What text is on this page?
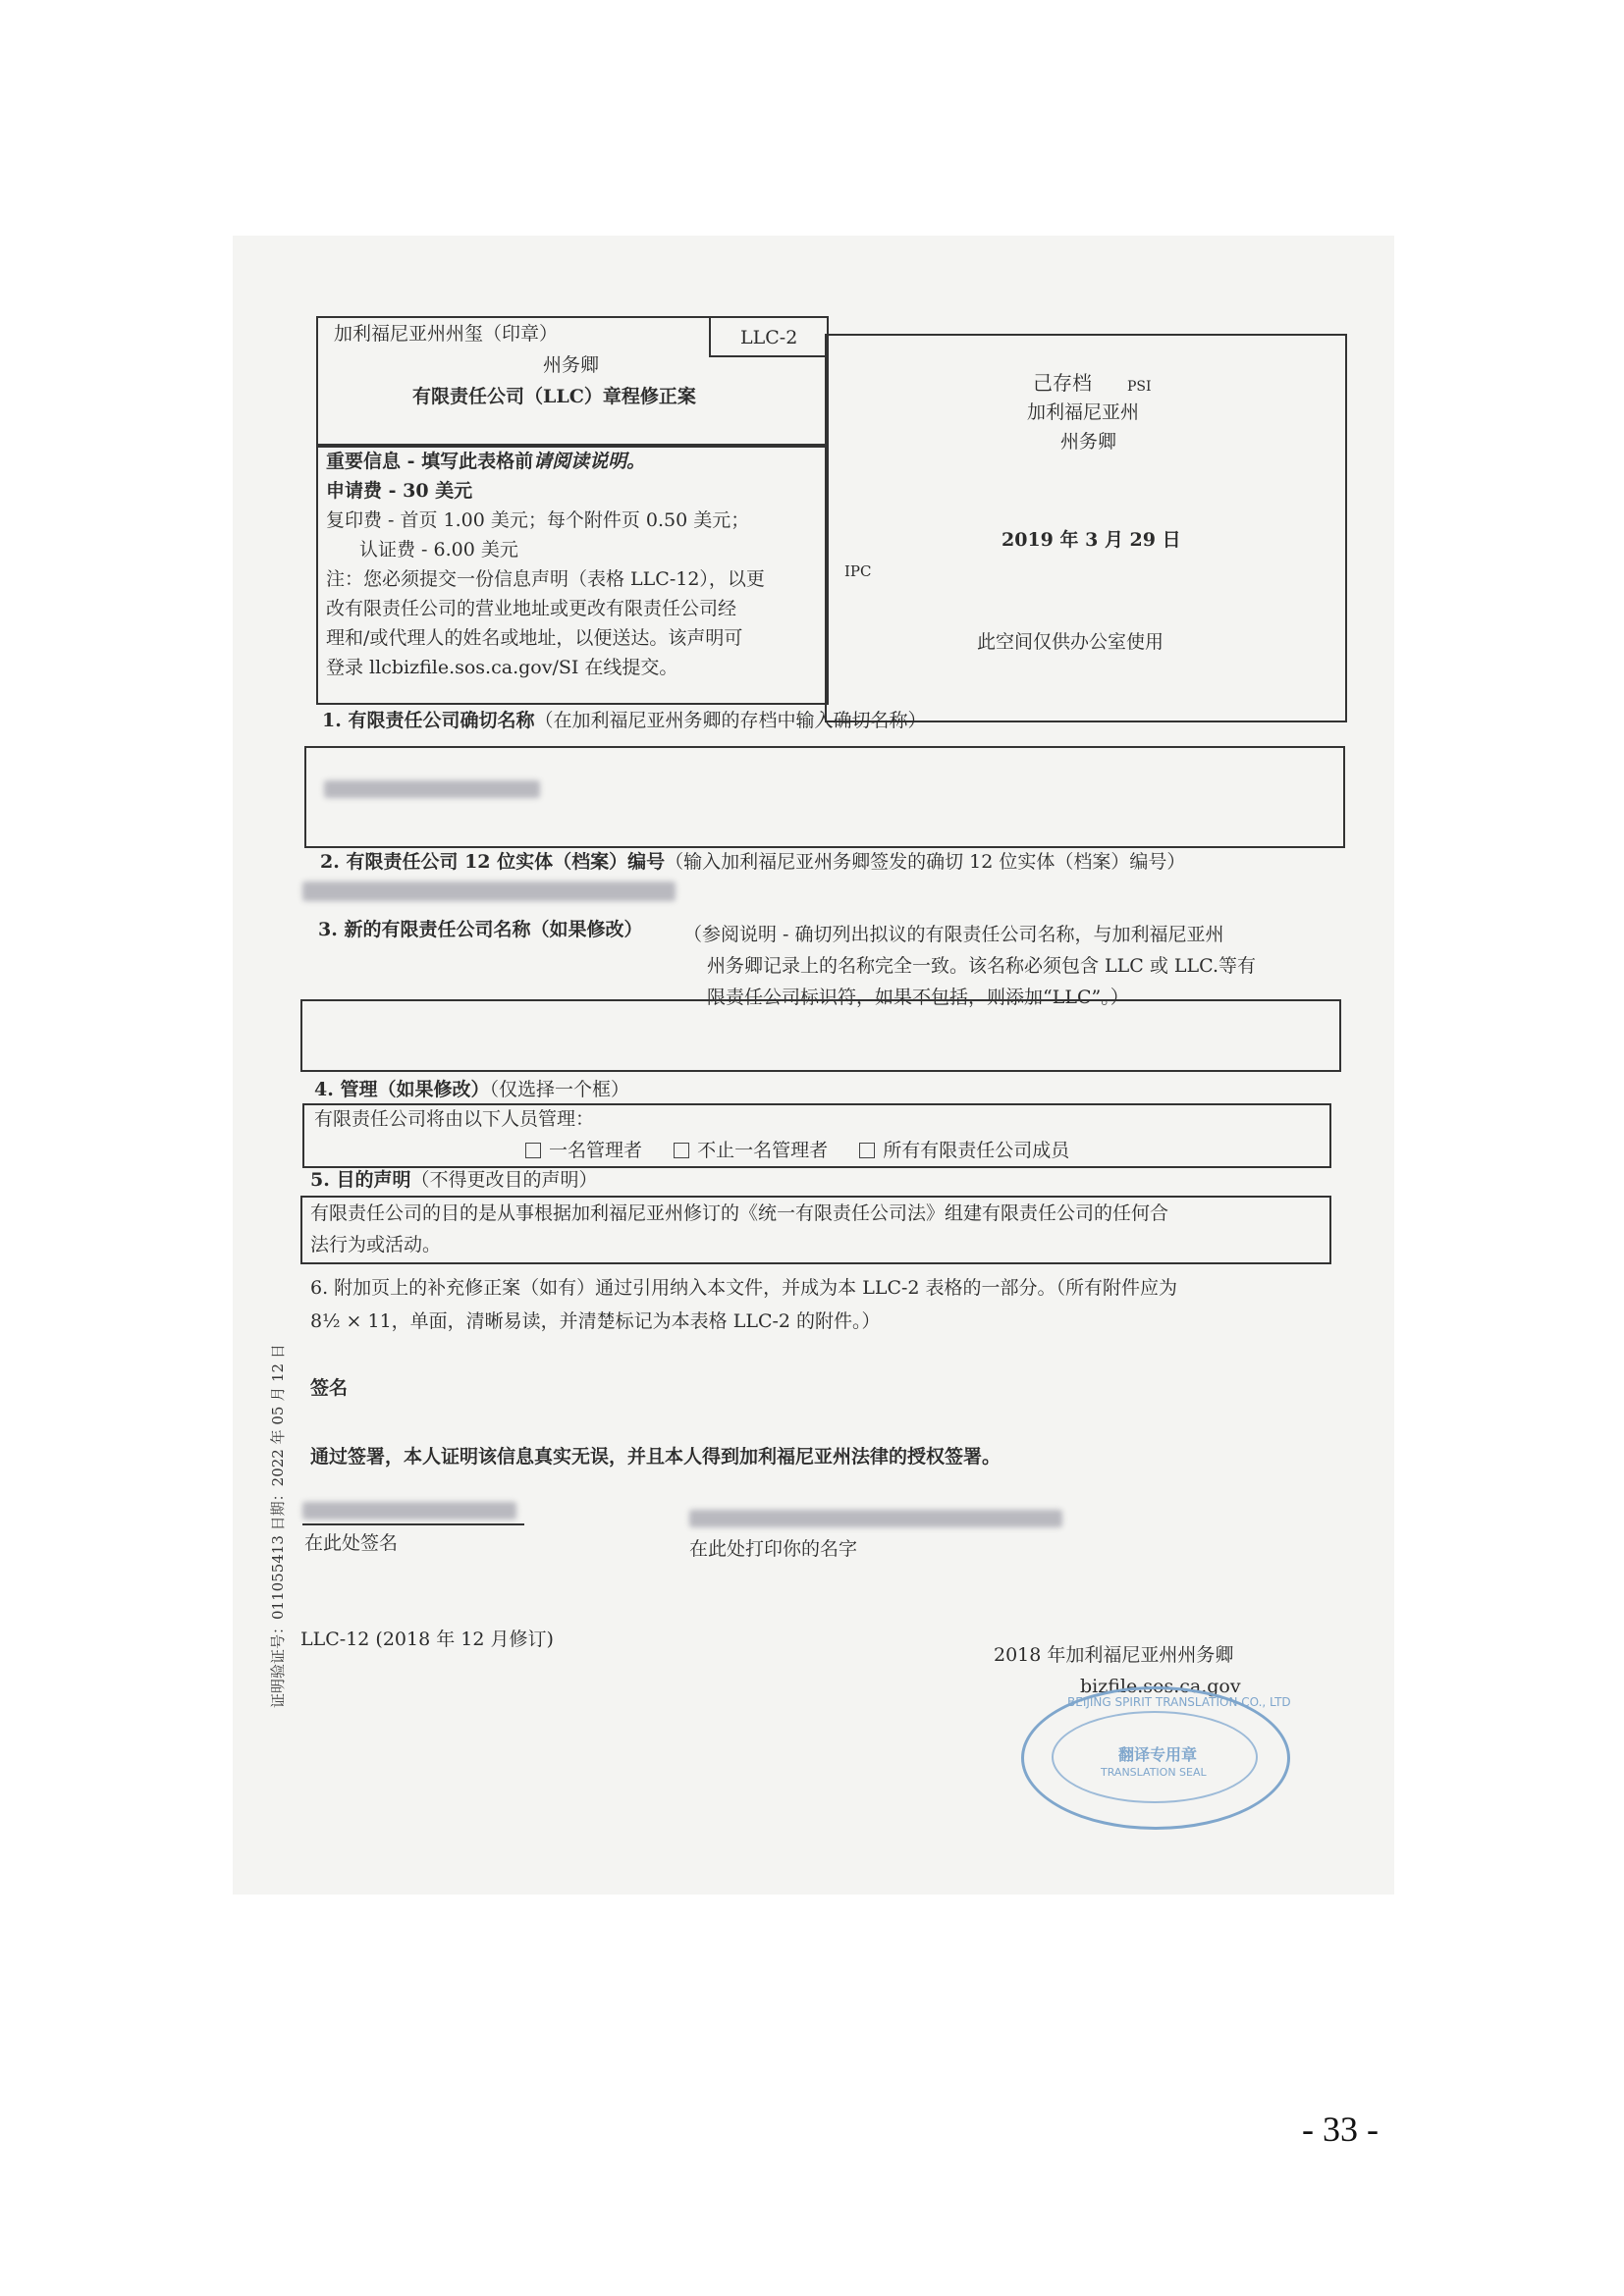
加利福尼亚州州玺（印章）	LLC-2
州务卿
有限责任公司（LLC）章程修正案
重要信息 - 填写此表格前请阅读说明。
申请费 - 30 美元
复印费 - 首页 1.00 美元；每个附件页 0.50 美元；
认证费 - 6.00 美元
注：您必须提交一份信息声明（表格 LLC-12），以更
改有限责任公司的营业地址或更改有限责任公司经
理和/或代理人的姓名或地址，以便送达。该声明可
登录 llcbizfile.sos.ca.gov/SI 在线提交。
己存档	PSI
加利福尼亚州
州务卿
2019 年 3 月 29 日
IPC
此空间仅供办公室使用
1. 有限责任公司确切名称（在加利福尼亚州务卿的存档中输入确切名称）
2. 有限责任公司 12 位实体（档案）编号（输入加利福尼亚州务卿签发的确切 12 位实体（档案）编号）
3. 新的有限责任公司名称（如果修改） （参阅说明 - 确切列出拟议的有限责任公司名称，与加利福尼亚州
州务卿记录上的名称完全一致。该名称必须包含 LLC 或 LLC.等有
限责任公司标识符，如果不包括，则添加“LLC”。）
4. 管理（如果修改）（仅选择一个框）
有限责任公司将由以下人员管理：
一名管理者	不止一名管理者	所有有限责任公司成员
5. 目的声明（不得更改目的声明）
有限责任公司的目的是从事根据加利福尼亚州修订的《统一有限责任公司法》组建有限责任公司的任何合
法行为或活动。
6. 附加页上的补充修正案（如有）通过引用纳入本文件，并成为本 LLC-2 表格的一部分。（所有附件应为
8½ × 11，单面，清晰易读，并清楚标记为本表格 LLC-2 的附件。）
签名
通过签署，本人证明该信息真实无误，并且本人得到加利福尼亚州法律的授权签署。
在此处签名	在此处打印你的名字
LLC-12 (2018 年 12 月修订)
2018 年加利福尼亚州州务卿
bizfile.sos.ca.gov
证明验证号：011055413 日期：2022 年 05 月 12 日	BEIJING SPIRIT TRANSLATION CO., LTD
翻译专用章
TRANSLATION SEAL
- 33 -
